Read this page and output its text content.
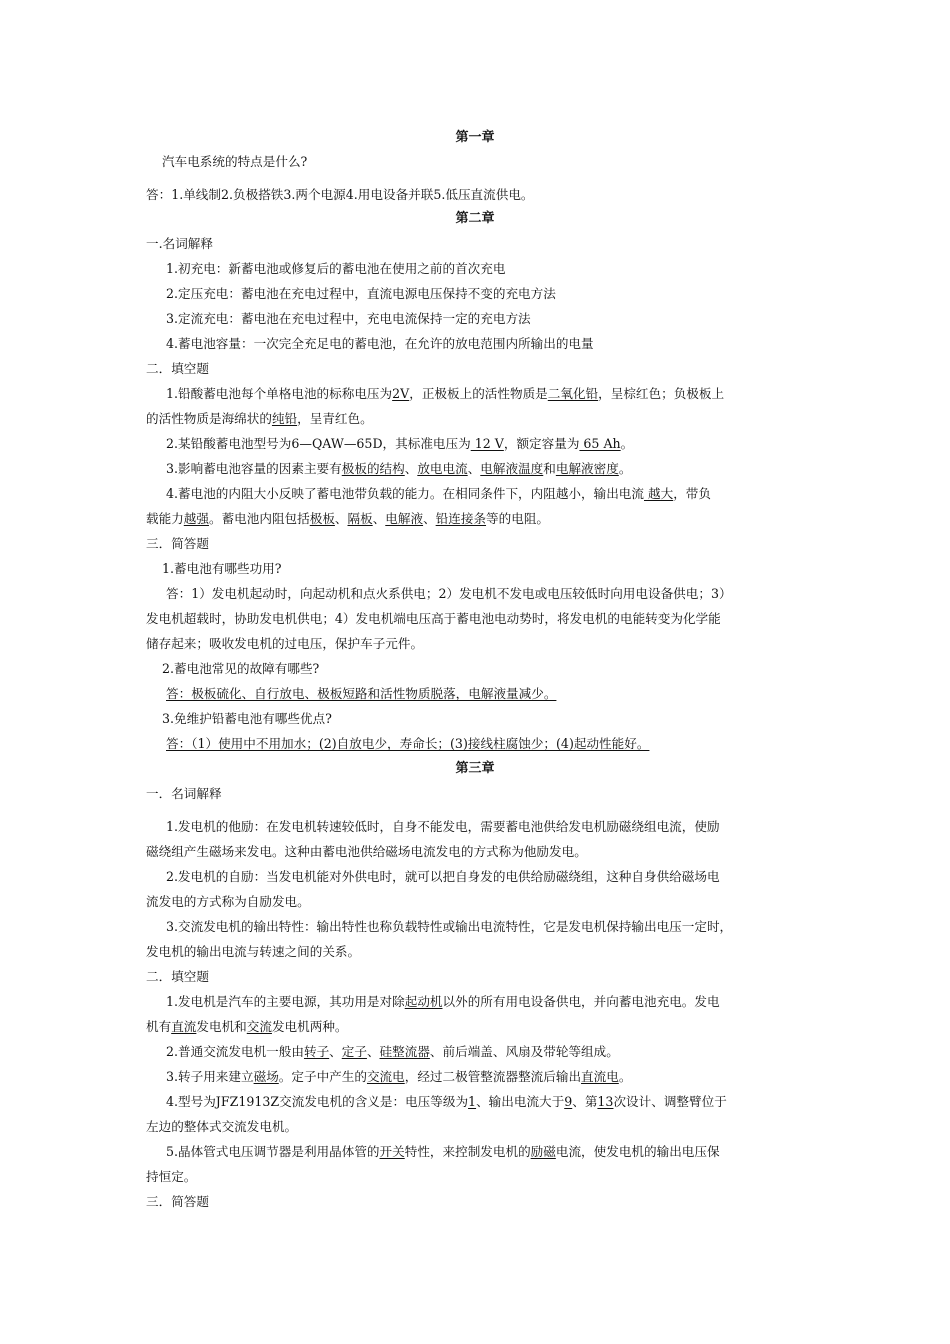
第一章
汽车电系统的特点是什么?
答：1.单线制2.负极搭铁3.两个电源4.用电设备并联5.低压直流供电。
第二章
一.名词解释
1.初充电：新蓄电池或修复后的蓄电池在使用之前的首次充电
2.定压充电：蓄电池在充电过程中，直流电源电压保持不变的充电方法
3.定流充电：蓄电池在充电过程中，充电电流保持一定的充电方法
4.蓄电池容量：一次完全充足电的蓄电池，在允许的放电范围内所输出的电量
二．填空题
1.铅酸蓄电池每个单格电池的标称电压为2V，正极板上的活性物质是二氧化铅，呈棕红色；负极板上
的活性物质是海绵状的纯铅，呈青红色。
2.某铅酸蓄电池型号为6—QAW—65D，其标准电压为 12 V，额定容量为 65 Ah。
3.影响蓄电池容量的因素主要有极板的结构、放电电流、电解液温度和电解液密度。
4.蓄电池的内阻大小反映了蓄电池带负载的能力。在相同条件下，内阻越小，输出电流 越大，带负
载能力越强。蓄电池内阻包括极板、隔板、电解液、铅连接条等的电阻。
三．简答题
1.蓄电池有哪些功用?
答：1）发电机起动时，向起动机和点火系供电；2）发电机不发电或电压较低时向用电设备供电；3）
发电机超载时，协助发电机供电；4）发电机端电压高于蓄电池电动势时，将发电机的电能转变为化学能
储存起来；吸收发电机的过电压，保护车子元件。
2.蓄电池常见的故障有哪些?
答：极板硫化、自行放电、极板短路和活性物质脱落，电解液量减少。
3.免维护铅蓄电池有哪些优点?
答：（1）使用中不用加水；(2)自放电少，寿命长；(3)接线柱腐蚀少；(4)起动性能好。
第三章
一．名词解释
1.发电机的他励：在发电机转速较低时，自身不能发电，需要蓄电池供给发电机励磁绕组电流，使励
磁绕组产生磁场来发电。这种由蓄电池供给磁场电流发电的方式称为他励发电。
2.发电机的自励：当发电机能对外供电时，就可以把自身发的电供给励磁绕组，这种自身供给磁场电
流发电的方式称为自励发电。
3.交流发电机的输出特性：输出特性也称负载特性或输出电流特性，它是发电机保持输出电压一定时，
发电机的输出电流与转速之间的关系。
二．填空题
1.发电机是汽车的主要电源，其功用是对除起动机以外的所有用电设备供电，并向蓄电池充电。发电
机有直流发电机和交流发电机两种。
2.普通交流发电机一般由转子、定子、硅整流器、前后端盖、风扇及带轮等组成。
3.转子用来建立磁场。定子中产生的交流电，经过二极管整流器整流后输出直流电。
4.型号为JFZ1913Z交流发电机的含义是：电压等级为1、输出电流大于9、第13次设计、调整臂位于
左边的整体式交流发电机。
5.晶体管式电压调节器是利用晶体管的开关特性，来控制发电机的励磁电流，使发电机的输出电压保
持恒定。
三．简答题
